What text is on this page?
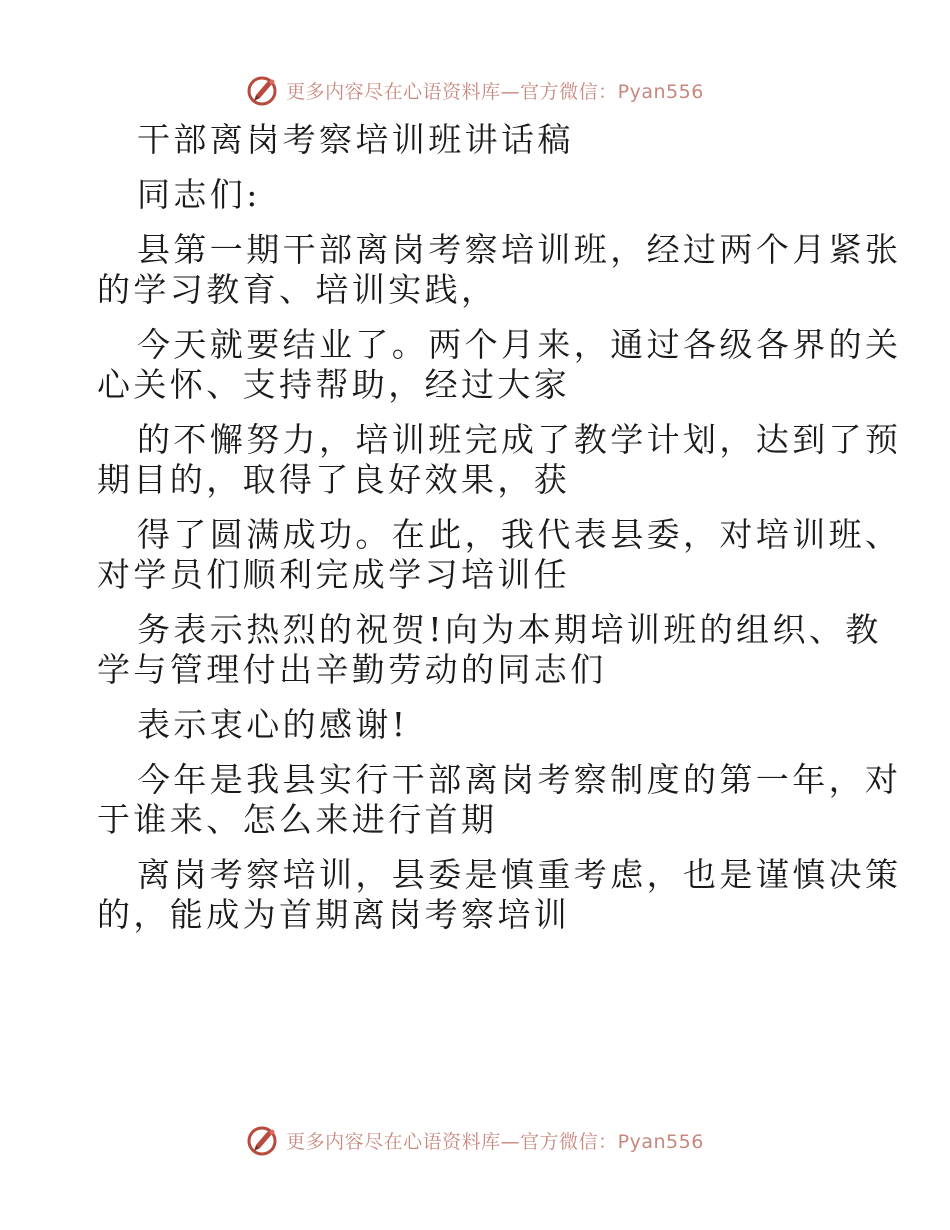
更多内容尽在心语资料库—官方微信：Pyan556

干部离岗考察培训班讲话稿

同志们:

县第一期干部离岗考察培训班，经过两个月紧张

的学习教育、培训实践，

今天就要结业了。两个月来，通过各级各界的关

心关怀、支持帮助，经过大家

的不懈努力，培训班完成了教学计划，达到了预

期目的，取得了良好效果，获

得了圆满成功。在此，我代表县委，对培训班、

对学员们顺利完成学习培训任

务表示热烈的祝贺!向为本期培训班的组织、教

学与管理付出辛勤劳动的同志们

表示衷心的感谢!

今年是我县实行干部离岗考察制度的第一年，对

于谁来、怎么来进行首期

离岗考察培训，县委是慎重考虑，也是谨慎决策

的，能成为首期离岗考察培训

更多内容尽在心语资料库—官方微信：Pyan556
